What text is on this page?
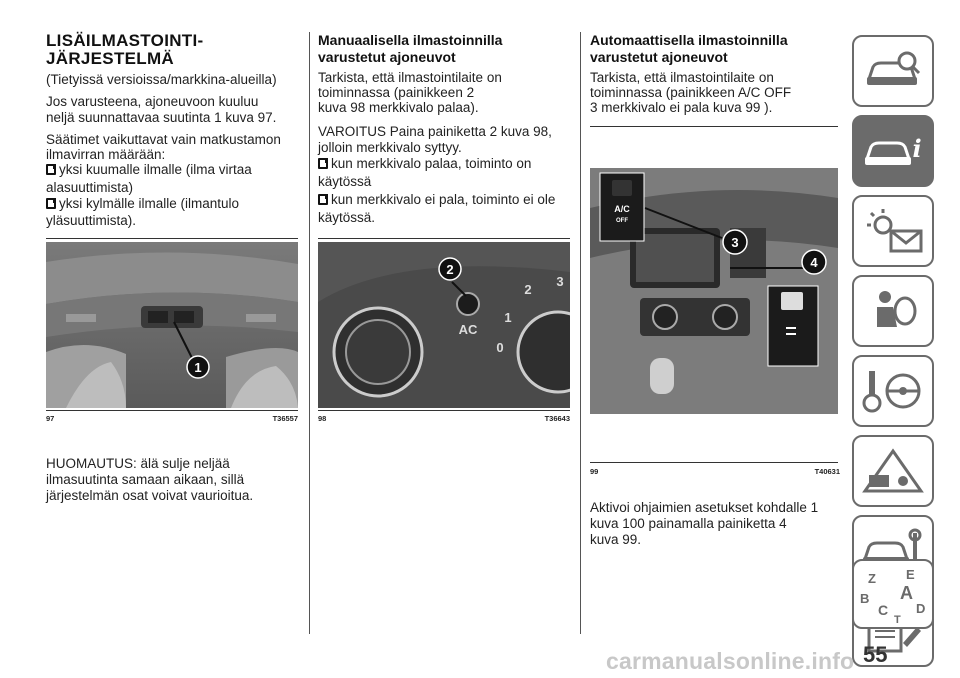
LISÄILMASTOINTI-
JÄRJESTELMÄ

(Tietyissä versioissa/markkina-alueilla)

Jos varusteena, ajoneuvoon kuuluu

neljä suunnattavaa suutinta 1 kuva 97.

Säätimet vaikuttavat vain matkustamon

ilmavirran määrään:

yksi kuumalle ilmalle (ilma virtaa

alasuuttimista)

yksi kylmälle ilmalle (ilmantulo

yläsuuttimista).

1
97	T36557

HUOMAUTUS: älä sulje neljää

ilmasuutinta samaan aikaan, sillä

järjestelmän osat voivat vaurioitua.

Manuaalisella ilmastoinnilla
varustetut ajoneuvot

Tarkista, että ilmastointilaite on

toiminnassa (painikkeen 2

kuva 98 merkkivalo palaa).

VAROITUS Paina painiketta 2 kuva 98,

jolloin merkkivalo syttyy.

kun merkkivalo palaa, toiminto on

käytössä

kun merkkivalo ei pala, toiminto ei ole

käytössä.

2
AC
0
1
2
3
98	T36643
Automaattisella ilmastoinnilla
varustetut ajoneuvot

Tarkista, että ilmastointilaite on

toiminnassa (painikkeen A/C OFF

3 merkkivalo ei pala kuva 99 ).

A/C
OFF
3
4
99	T40631

Aktivoi ohjaimien asetukset kohdalle 1

kuva 100 painamalla painiketta 4

kuva 99.

i
Z E
A
B
C D
T
55
carmanualsonline.info
